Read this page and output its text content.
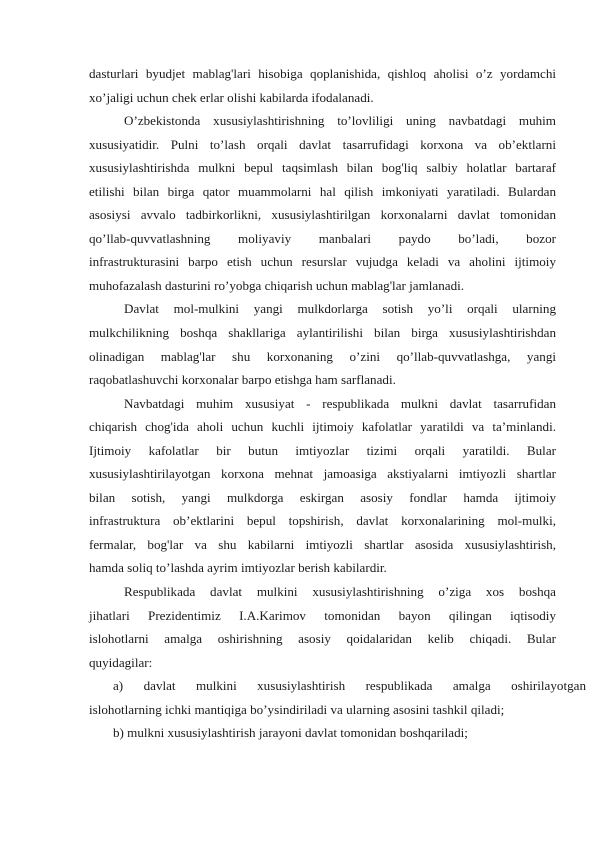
dasturlari byudjet mablag'lari hisobiga qoplanishida, qishloq aholisi o’z yordamchi
xo’jaligi uchun chek erlar olishi kabilarda ifodalanadi.
O’zbekistonda xususiylashtirishning to’lovliligi uning navbatdagi muhim
xususiyatidir. Pulni to’lash orqali davlat tasarrufidagi korxona va ob’ektlarni
xususiylashtirishda mulkni bepul taqsimlash bilan bog'liq salbiy holatlar bartaraf
etilishi bilan birga qator muammolarni hal qilish imkoniyati yaratiladi. Bulardan
asosiysi avvalo tadbirkorlikni, xususiylashtirilgan korxonalarni davlat tomonidan
qo’llab-quvvatlashning moliyaviy manbalari paydo bo’ladi, bozor
infrastrukturasini barpo etish uchun resurslar vujudga keladi va aholini ijtimoiy
muhofazalash dasturini ro’yobga chiqarish uchun mablag'lar jamlanadi.
Davlat mol-mulkini yangi mulkdorlarga sotish yo’li orqali ularning
mulkchilikning boshqa shakllariga aylantirilishi bilan birga xususiylashtirishdan
olinadigan mablag'lar shu korxonaning o’zini qo’llab-quvvatlashga, yangi
raqobatlashuvchi korxonalar barpo etishga ham sarflanadi.
Navbatdagi muhim xususiyat - respublikada mulkni davlat tasarrufidan
chiqarish chog'ida aholi uchun kuchli ijtimoiy kafolatlar yaratildi va ta’minlandi.
Ijtimoiy kafolatlar bir butun imtiyozlar tizimi orqali yaratildi. Bular
xususiylashtirilayotgan korxona mehnat jamoasiga akstiyalarni imtiyozli shartlar
bilan sotish, yangi mulkdorga eskirgan asosiy fondlar hamda ijtimoiy
infrastruktura ob’ektlarini bepul topshirish, davlat korxonalarining mol-mulki,
fermalar, bog'lar va shu kabilarni imtiyozli shartlar asosida xususiylashtirish,
hamda soliq to’lashda ayrim imtiyozlar berish kabilardir.
Respublikada davlat mulkini xususiylashtirishning o’ziga xos boshqa
jihatlari Prezidentimiz I.A.Karimov tomonidan bayon qilingan iqtisodiy
islohotlarni amalga oshirishning asosiy qoidalaridan kelib chiqadi. Bular
quyidagilar:
a) davlat mulkini xususiylashtirish respublikada amalga oshirilayotgan
islohotlarning ichki mantiqiga bo’ysindiriladi va ularning asosini tashkil qiladi;
b) mulkni xususiylashtirish jarayoni davlat tomonidan boshqariladi;
